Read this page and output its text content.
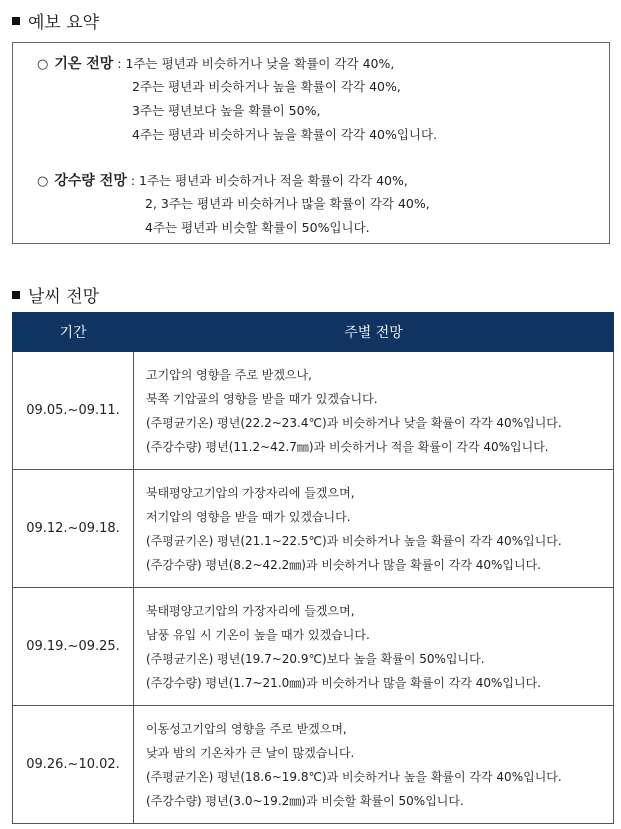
예보 요약
○ 기온 전망 : 1주는 평년과 비슷하거나 낮을 확률이 각각 40%,
2주는 평년과 비슷하거나 높을 확률이 각각 40%,
3주는 평년보다 높을 확률이 50%,
4주는 평년과 비슷하거나 높을 확률이 각각 40%입니다.
○ 강수량 전망 : 1주는 평년과 비슷하거나 적을 확률이 각각 40%,
2, 3주는 평년과 비슷하거나 많을 확률이 각각 40%,
4주는 평년과 비슷할 확률이 50%입니다.
날씨 전망
기간	주별 전망
09.05.~09.11.	고기압의 영향을 주로 받겠으나,
북쪽 기압골의 영향을 받을 때가 있겠습니다.
(주평균기온) 평년(22.2~23.4℃)과 비슷하거나 낮을 확률이 각각 40%입니다.
(주강수량) 평년(11.2~42.7㎜)과 비슷하거나 적을 확률이 각각 40%입니다.

09.12.~09.18.	북태평양고기압의 가장자리에 들겠으며,
저기압의 영향을 받을 때가 있겠습니다.
(주평균기온) 평년(21.1~22.5℃)과 비슷하거나 높을 확률이 각각 40%입니다.
(주강수량) 평년(8.2~42.2㎜)과 비슷하거나 많을 확률이 각각 40%입니다.

09.19.~09.25.	북태평양고기압의 가장자리에 들겠으며,
남풍 유입 시 기온이 높을 때가 있겠습니다.
(주평균기온) 평년(19.7~20.9℃)보다 높을 확률이 50%입니다.
(주강수량) 평년(1.7~21.0㎜)과 비슷하거나 많을 확률이 각각 40%입니다.

09.26.~10.02.	이동성고기압의 영향을 주로 받겠으며,
낮과 밤의 기온차가 큰 날이 많겠습니다.
(주평균기온) 평년(18.6~19.8℃)과 비슷하거나 높을 확률이 각각 40%입니다.
(주강수량) 평년(3.0~19.2㎜)과 비슷할 확률이 50%입니다.
